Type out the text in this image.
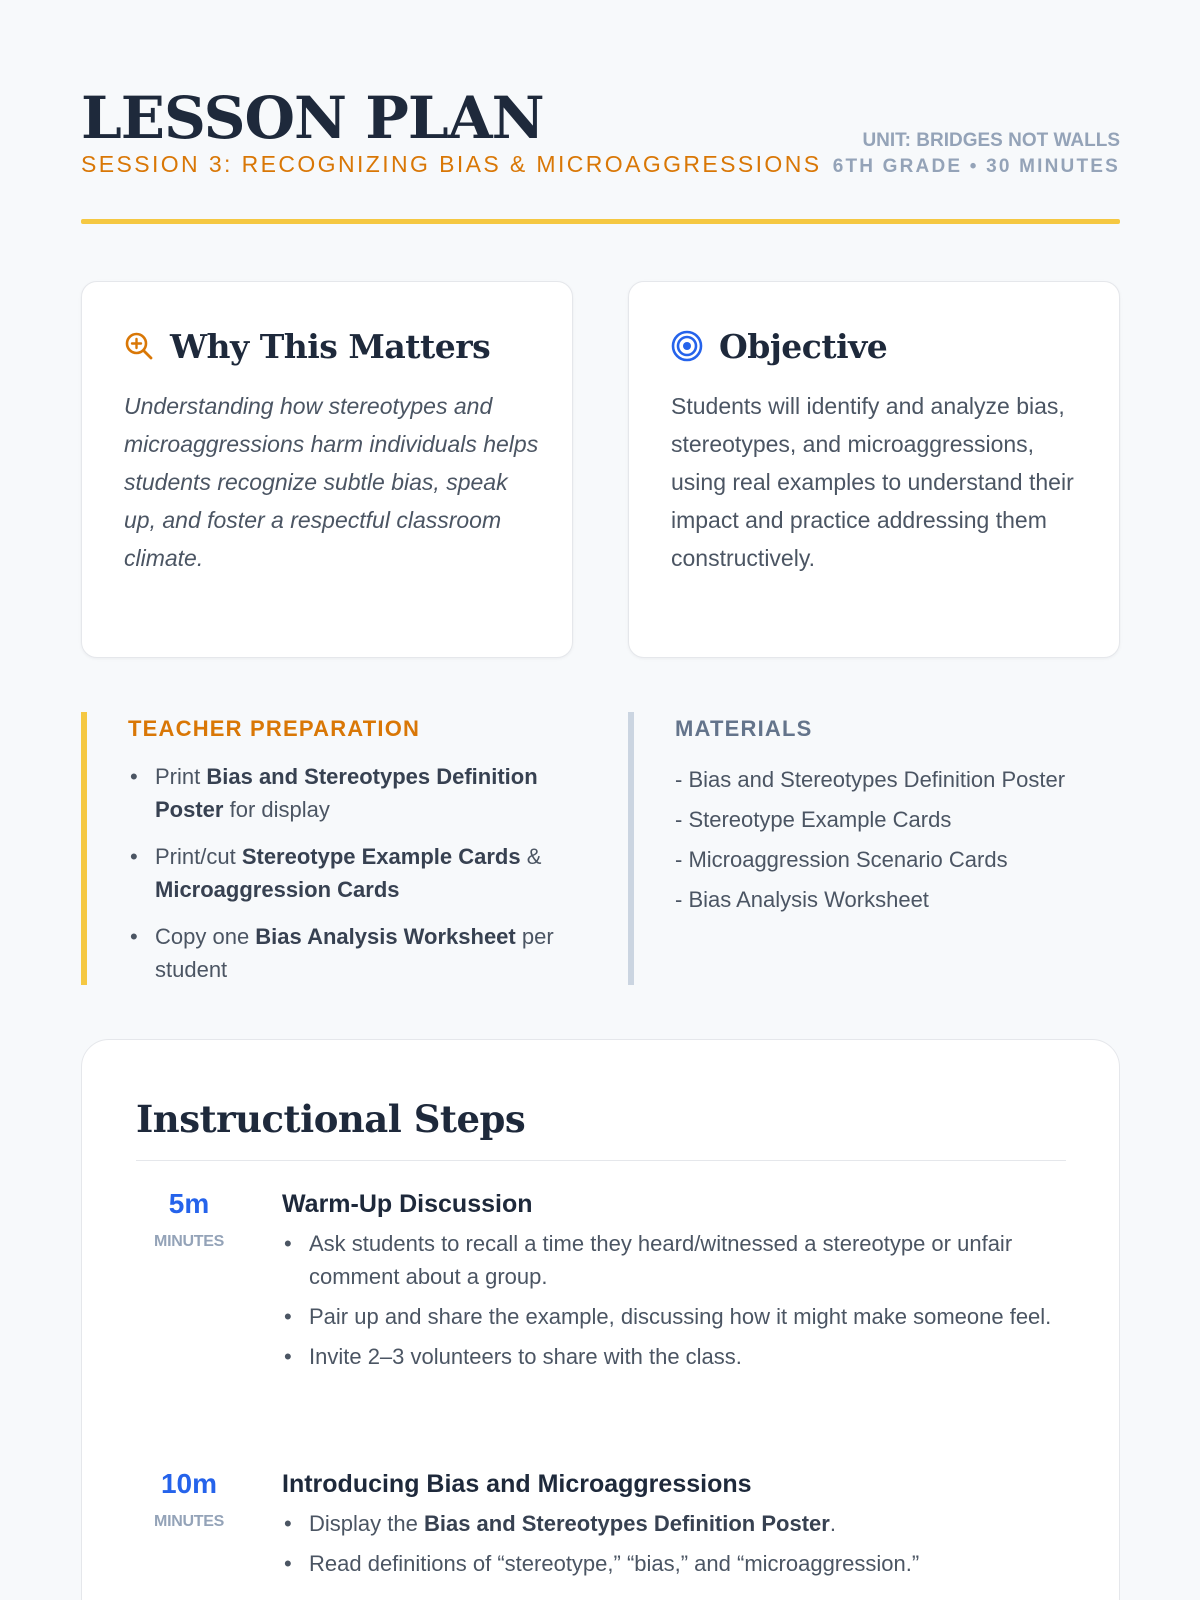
LESSON PLAN
SESSION 3: RECOGNIZING BIAS & MICROAGGRESSIONS
UNIT: BRIDGES NOT WALLS
6TH GRADE • 30 MINUTES
Why This Matters

Understanding how stereotypes and microaggressions harm individuals helps students recognize subtle bias, speak up, and foster a respectful classroom climate.

Objective

Students will identify and analyze bias, stereotypes, and microaggressions, using real examples to understand their impact and practice addressing them constructively.

TEACHER PREPARATION
• Print Bias and Stereotypes Definition Poster for display
• Print/cut Stereotype Example Cards & Microaggression Cards
• Copy one Bias Analysis Worksheet per student
MATERIALS
- Bias and Stereotypes Definition Poster
- Stereotype Example Cards
- Microaggression Scenario Cards
- Bias Analysis Worksheet
Instructional Steps
5m
MINUTES
Warm-Up Discussion
• Ask students to recall a time they heard/witnessed a stereotype or unfair comment about a group.
• Pair up and share the example, discussing how it might make someone feel.
• Invite 2–3 volunteers to share with the class.
10m
MINUTES
Introducing Bias and Microaggressions
• Display the Bias and Stereotypes Definition Poster.
• Read definitions of “stereotype,” “bias,” and “microaggression.”
